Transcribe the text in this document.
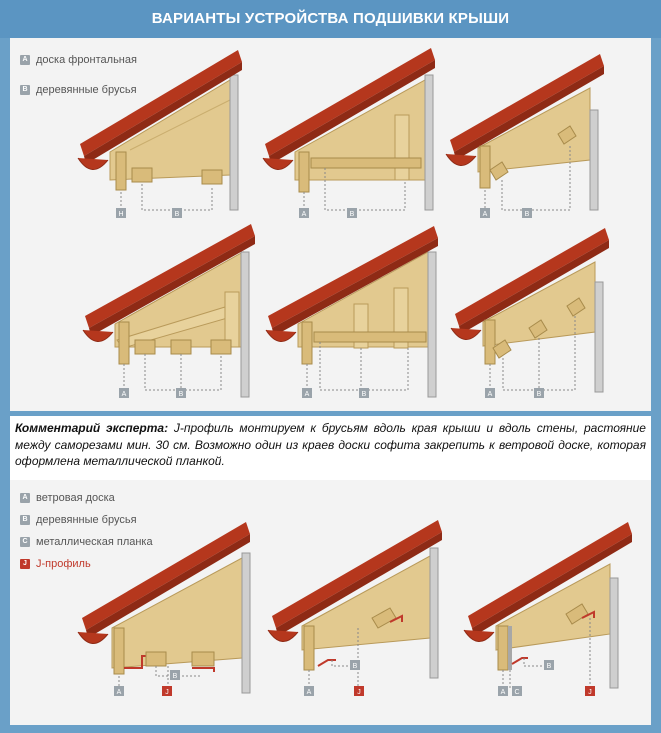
ВАРИАНТЫ УСТРОЙСТВА ПОДШИВКИ КРЫШИ
A доска фронтальная
B деревянные брусья
Комментарий эксперта: J-профиль монтируем к брусьям вдоль края крыши и вдоль стены, растояние между саморезами мин. 30 см. Возможно один из краев доски софита закрепить к ветровой доске, которая оформлена металлической планкой.
A ветровая доска
B деревянные брусья
C металлическая планка
J J-профиль
H	B	A	B	A	B
A	B	A	B	A	B
A
B
J	A
B
J	A C
B
J
